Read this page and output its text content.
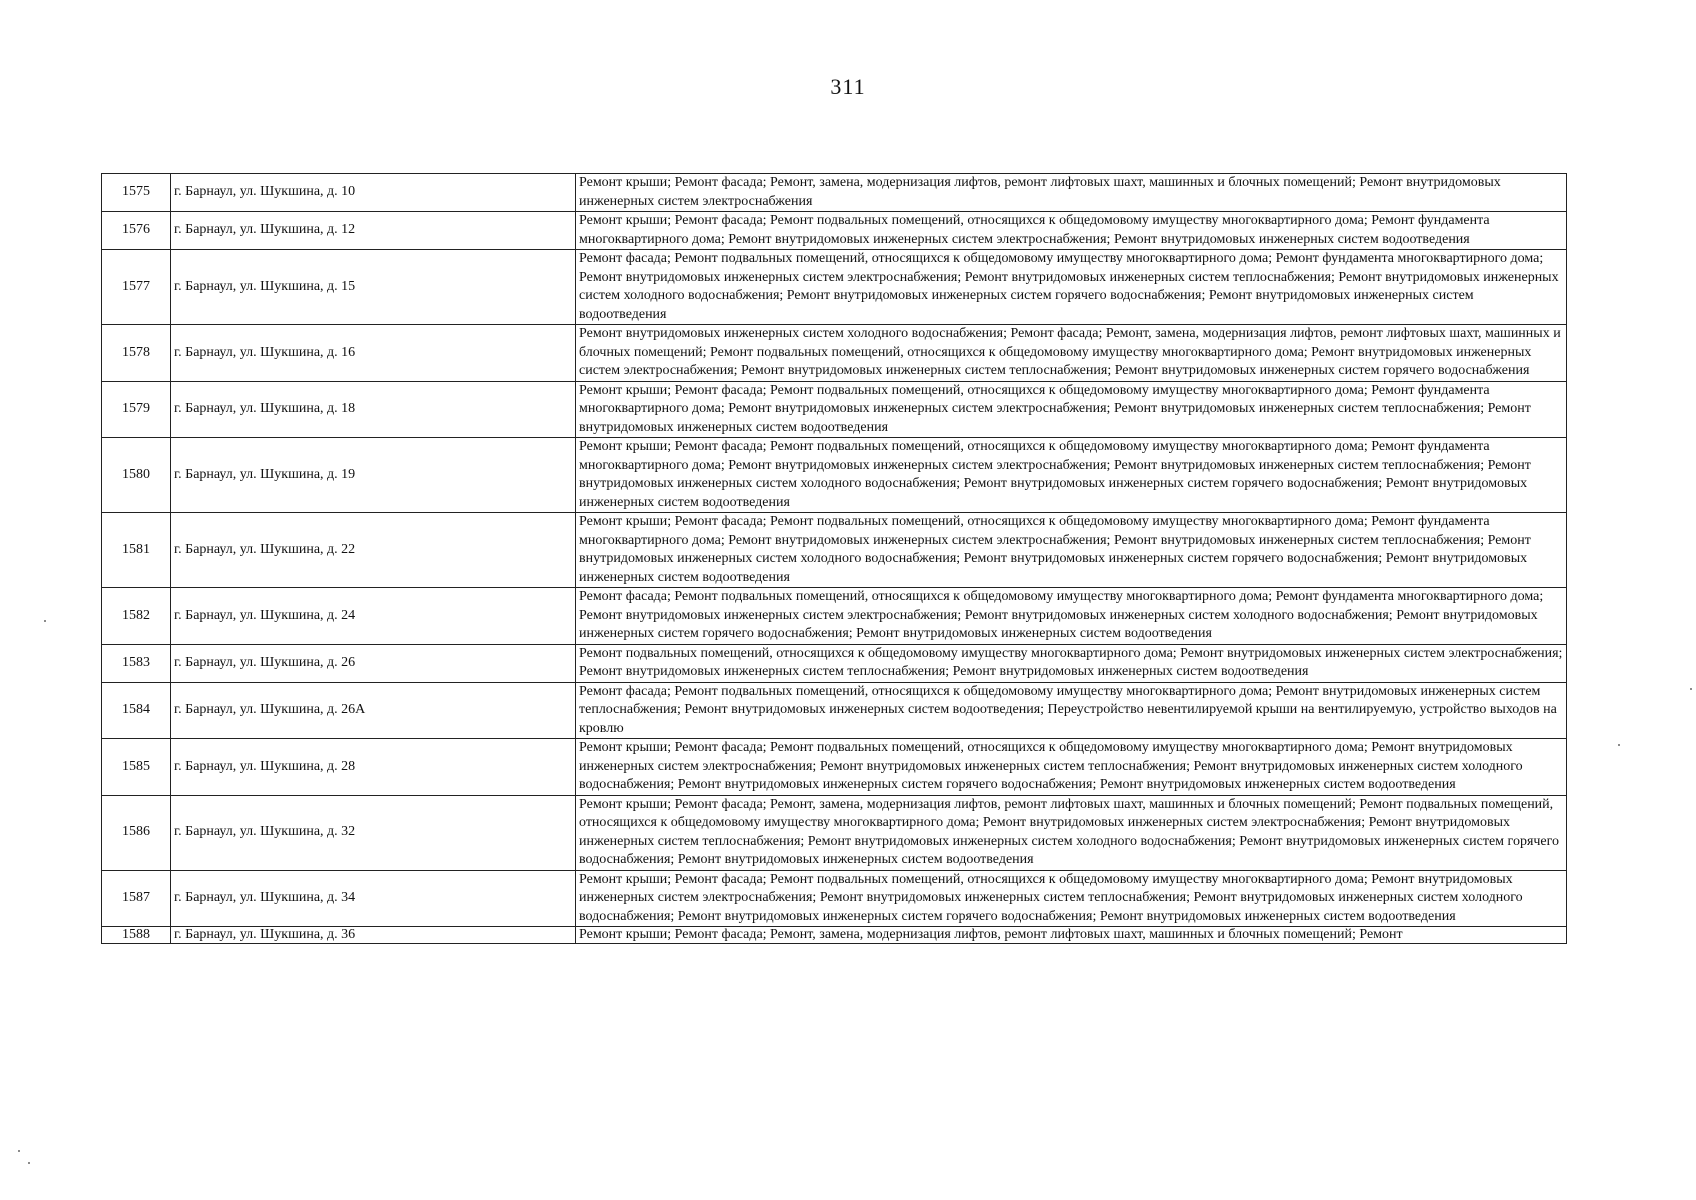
311
1575	г. Барнаул, ул. Шукшина, д. 10	Ремонт крыши; Ремонт фасада; Ремонт, замена, модернизация лифтов, ремонт лифтовых шахт, машинных и блочных помещений; Ремонт внутридомовых инженерных систем электроснабжения
1576	г. Барнаул, ул. Шукшина, д. 12	Ремонт крыши; Ремонт фасада; Ремонт подвальных помещений, относящихся к общедомовому имуществу многоквартирного дома; Ремонт фундамента многоквартирного дома; Ремонт внутридомовых инженерных систем электроснабжения; Ремонт внутридомовых инженерных систем водоотведения
1577	г. Барнаул, ул. Шукшина, д. 15	Ремонт фасада; Ремонт подвальных помещений, относящихся к общедомовому имуществу многоквартирного дома; Ремонт фундамента многоквартирного дома; Ремонт внутридомовых инженерных систем электроснабжения; Ремонт внутридомовых инженерных систем теплоснабжения; Ремонт внутридомовых инженерных систем холодного водоснабжения; Ремонт внутридомовых инженерных систем горячего водоснабжения; Ремонт внутридомовых инженерных систем водоотведения
1578	г. Барнаул, ул. Шукшина, д. 16	Ремонт внутридомовых инженерных систем холодного водоснабжения; Ремонт фасада; Ремонт, замена, модернизация лифтов, ремонт лифтовых шахт, машинных и блочных помещений; Ремонт подвальных помещений, относящихся к общедомовому имуществу многоквартирного дома; Ремонт внутридомовых инженерных систем электроснабжения; Ремонт внутридомовых инженерных систем теплоснабжения; Ремонт внутридомовых инженерных систем горячего водоснабжения
1579	г. Барнаул, ул. Шукшина, д. 18	Ремонт крыши; Ремонт фасада; Ремонт подвальных помещений, относящихся к общедомовому имуществу многоквартирного дома; Ремонт фундамента многоквартирного дома; Ремонт внутридомовых инженерных систем электроснабжения; Ремонт внутридомовых инженерных систем теплоснабжения; Ремонт внутридомовых инженерных систем водоотведения
1580	г. Барнаул, ул. Шукшина, д. 19	Ремонт крыши; Ремонт фасада; Ремонт подвальных помещений, относящихся к общедомовому имуществу многоквартирного дома; Ремонт фундамента многоквартирного дома; Ремонт внутридомовых инженерных систем электроснабжения; Ремонт внутридомовых инженерных систем теплоснабжения; Ремонт внутридомовых инженерных систем холодного водоснабжения; Ремонт внутридомовых инженерных систем горячего водоснабжения; Ремонт внутридомовых инженерных систем водоотведения
1581	г. Барнаул, ул. Шукшина, д. 22	Ремонт крыши; Ремонт фасада; Ремонт подвальных помещений, относящихся к общедомовому имуществу многоквартирного дома; Ремонт фундамента многоквартирного дома; Ремонт внутридомовых инженерных систем электроснабжения; Ремонт внутридомовых инженерных систем теплоснабжения; Ремонт внутридомовых инженерных систем холодного водоснабжения; Ремонт внутридомовых инженерных систем горячего водоснабжения; Ремонт внутридомовых инженерных систем водоотведения
1582	г. Барнаул, ул. Шукшина, д. 24	Ремонт фасада; Ремонт подвальных помещений, относящихся к общедомовому имуществу многоквартирного дома; Ремонт фундамента многоквартирного дома; Ремонт внутридомовых инженерных систем электроснабжения; Ремонт внутридомовых инженерных систем холодного водоснабжения; Ремонт внутридомовых инженерных систем горячего водоснабжения; Ремонт внутридомовых инженерных систем водоотведения
1583	г. Барнаул, ул. Шукшина, д. 26	Ремонт подвальных помещений, относящихся к общедомовому имуществу многоквартирного дома; Ремонт внутридомовых инженерных систем электроснабжения; Ремонт внутридомовых инженерных систем теплоснабжения; Ремонт внутридомовых инженерных систем водоотведения
1584	г. Барнаул, ул. Шукшина, д. 26А	Ремонт фасада; Ремонт подвальных помещений, относящихся к общедомовому имуществу многоквартирного дома; Ремонт внутридомовых инженерных систем теплоснабжения; Ремонт внутридомовых инженерных систем водоотведения; Переустройство невентилируемой крыши на вентилируемую, устройство выходов на кровлю
1585	г. Барнаул, ул. Шукшина, д. 28	Ремонт крыши; Ремонт фасада; Ремонт подвальных помещений, относящихся к общедомовому имуществу многоквартирного дома; Ремонт внутридомовых инженерных систем электроснабжения; Ремонт внутридомовых инженерных систем теплоснабжения; Ремонт внутридомовых инженерных систем холодного водоснабжения; Ремонт внутридомовых инженерных систем горячего водоснабжения; Ремонт внутридомовых инженерных систем водоотведения
1586	г. Барнаул, ул. Шукшина, д. 32	Ремонт крыши; Ремонт фасада; Ремонт, замена, модернизация лифтов, ремонт лифтовых шахт, машинных и блочных помещений; Ремонт подвальных помещений, относящихся к общедомовому имуществу многоквартирного дома; Ремонт внутридомовых инженерных систем электроснабжения; Ремонт внутридомовых инженерных систем теплоснабжения; Ремонт внутридомовых инженерных систем холодного водоснабжения; Ремонт внутридомовых инженерных систем горячего водоснабжения; Ремонт внутридомовых инженерных систем водоотведения
1587	г. Барнаул, ул. Шукшина, д. 34	Ремонт крыши; Ремонт фасада; Ремонт подвальных помещений, относящихся к общедомовому имуществу многоквартирного дома; Ремонт внутридомовых инженерных систем электроснабжения; Ремонт внутридомовых инженерных систем теплоснабжения; Ремонт внутридомовых инженерных систем холодного водоснабжения; Ремонт внутридомовых инженерных систем горячего водоснабжения; Ремонт внутридомовых инженерных систем водоотведения
1588	г. Барнаул, ул. Шукшина, д. 36	Ремонт крыши; Ремонт фасада; Ремонт, замена, модернизация лифтов, ремонт лифтовых шахт, машинных и блочных помещений; Ремонт
